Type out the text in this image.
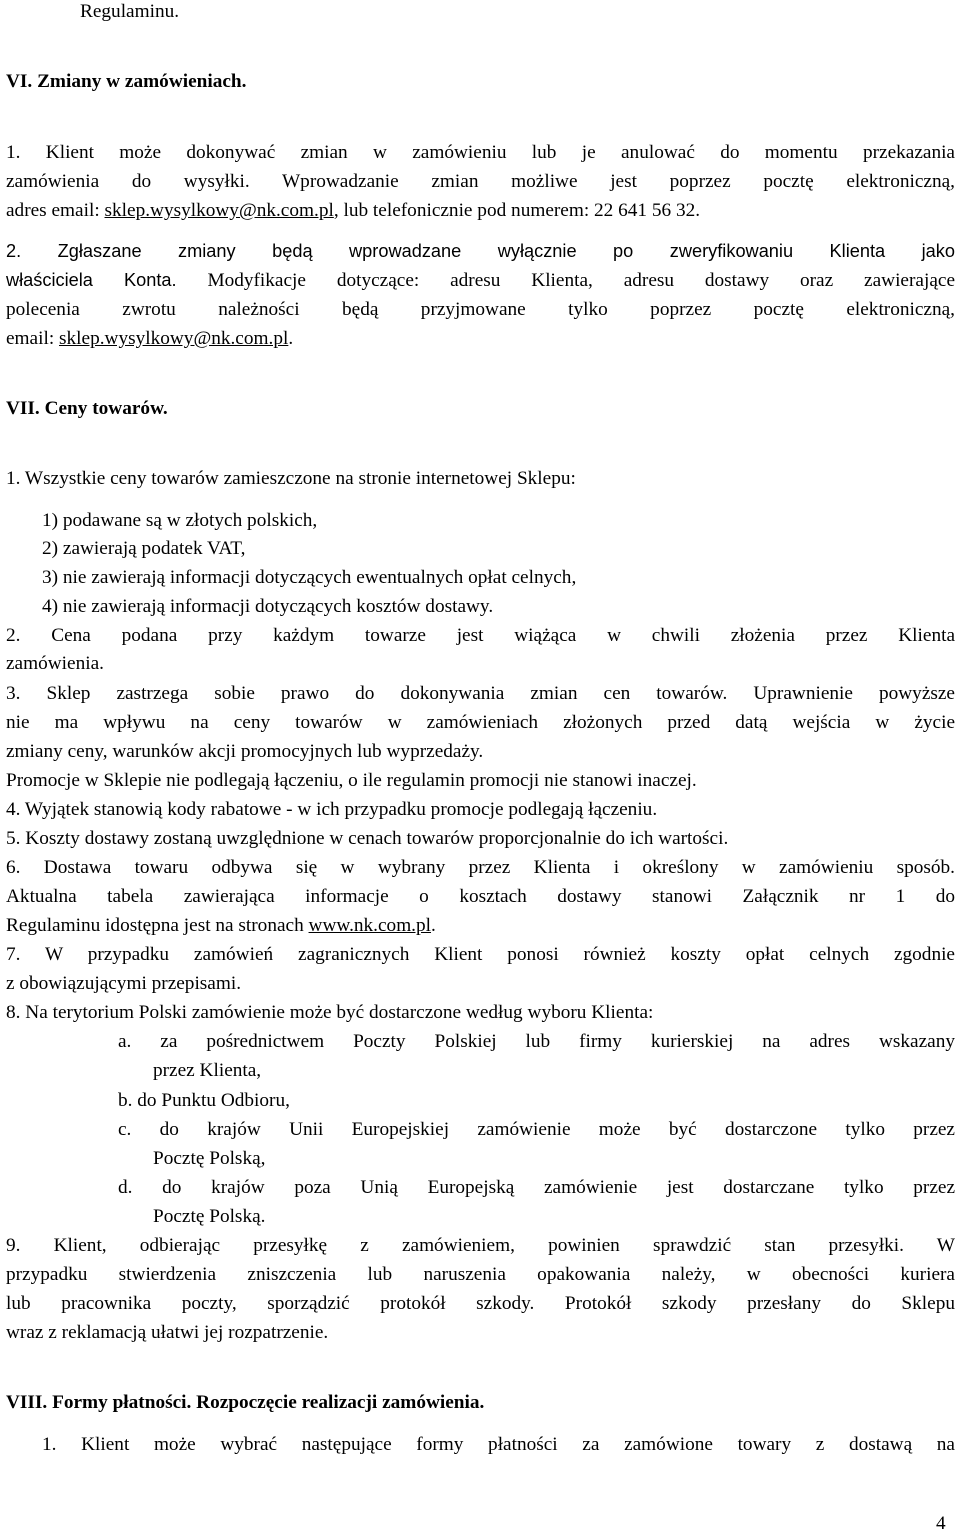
Regulaminu.
VI. Zmiany w zamówieniach.
1. Klient może dokonywać zmian w zamówieniu lub je anulować do momentu przekazania
zamówienia do wysyłki. Wprowadzanie zmian możliwe jest poprzez pocztę elektroniczną,
adres email: sklep.wysylkowy@nk.com.pl, lub telefonicznie pod numerem: 22 641 56 32.
2. Zgłaszane zmiany będą wprowadzane wyłącznie po zweryfikowaniu Klienta jako
właściciela Konta. Modyfikacje dotyczące: adresu Klienta, adresu dostawy oraz zawierające
polecenia zwrotu należności będą przyjmowane tylko poprzez pocztę elektroniczną,
email: sklep.wysylkowy@nk.com.pl.
VII. Ceny towarów.
1. Wszystkie ceny towarów zamieszczone na stronie internetowej Sklepu:
1) podawane są w złotych polskich,
2) zawierają podatek VAT,
3) nie zawierają informacji dotyczących ewentualnych opłat celnych,
4) nie zawierają informacji dotyczących kosztów dostawy.
2. Cena podana przy każdym towarze jest wiążąca w chwili złożenia przez Klienta
zamówienia.
3. Sklep zastrzega sobie prawo do dokonywania zmian cen towarów. Uprawnienie powyższe
nie ma wpływu na ceny towarów w zamówieniach złożonych przed datą wejścia w życie
zmiany ceny, warunków akcji promocyjnych lub wyprzedaży.
Promocje w Sklepie nie podlegają łączeniu, o ile regulamin promocji nie stanowi inaczej.
4. Wyjątek stanowią kody rabatowe - w ich przypadku promocje podlegają łączeniu.
5. Koszty dostawy zostaną uwzględnione w cenach towarów proporcjonalnie do ich wartości.
6. Dostawa towaru odbywa się w wybrany przez Klienta i określony w zamówieniu sposób.
Aktualna tabela zawierająca informacje o kosztach dostawy stanowi Załącznik nr 1 do
Regulaminu idostępna jest na stronach www.nk.com.pl.
7. W przypadku zamówień zagranicznych Klient ponosi również koszty opłat celnych zgodnie
z obowiązującymi przepisami.
8. Na terytorium Polski zamówienie może być dostarczone według wyboru Klienta:
a. za pośrednictwem Poczty Polskiej lub firmy kurierskiej na adres wskazany
przez Klienta,
b. do Punktu Odbioru,
c. do krajów Unii Europejskiej zamówienie może być dostarczone tylko przez
Pocztę Polską,
d. do krajów poza Unią Europejską zamówienie jest dostarczane tylko przez
Pocztę Polską.
9. Klient, odbierając przesyłkę z zamówieniem, powinien sprawdzić stan przesyłki. W
przypadku stwierdzenia zniszczenia lub naruszenia opakowania należy, w obecności kuriera
lub pracownika poczty, sporządzić protokół szkody. Protokół szkody przesłany do Sklepu
wraz z reklamacją ułatwi jej rozpatrzenie.
VIII. Formy płatności. Rozpoczęcie realizacji zamówienia.
1. Klient może wybrać następujące formy płatności za zamówione towary z dostawą na
4
